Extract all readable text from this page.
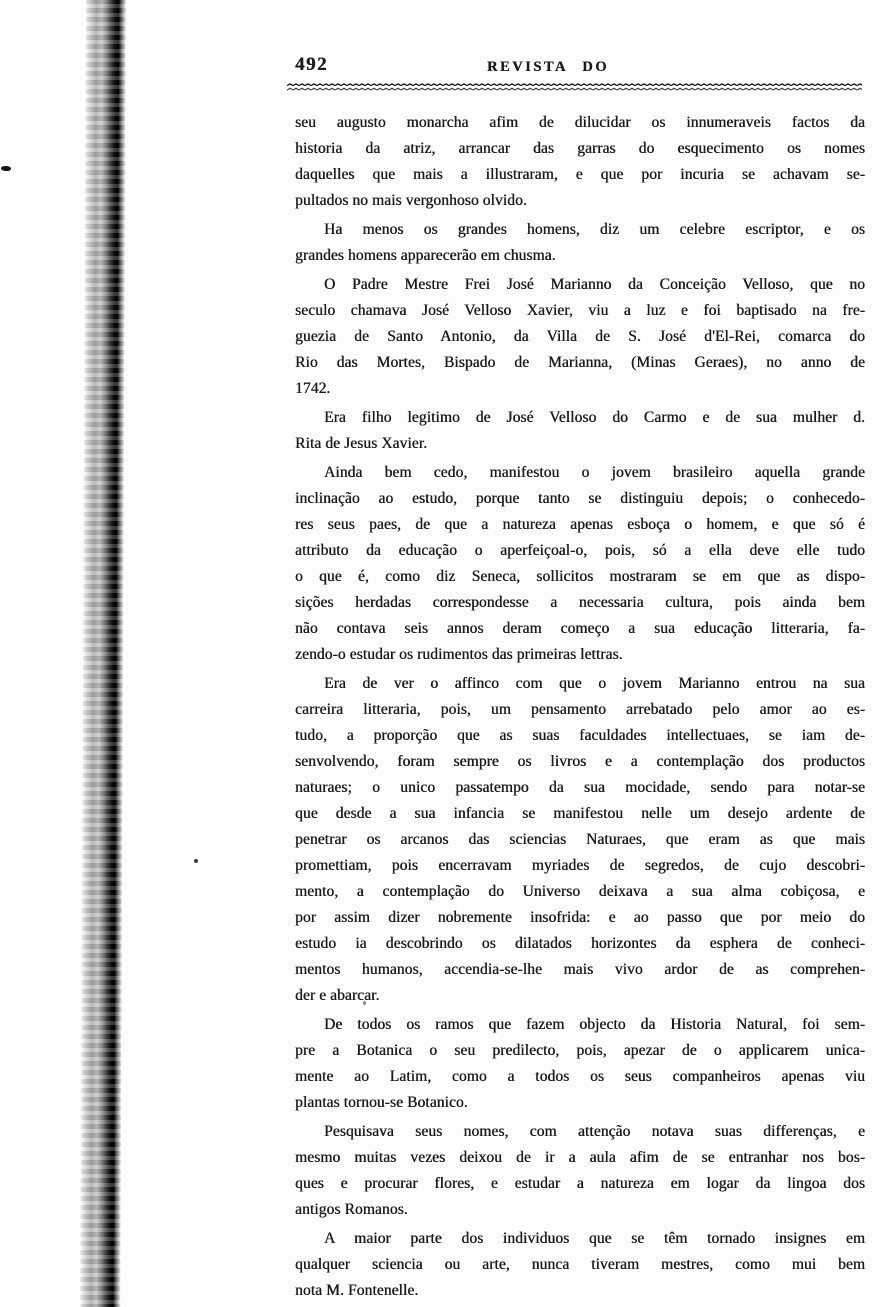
492	REVISTA DO
seu augusto monarcha afim de dilucidar os innumeraveis factos da
historia da atriz, arrancar das garras do esquecimento os nomes
daquelles que mais a illustraram, e que por incuria se achavam se-
pultados no mais vergonhoso olvido.
Ha menos os grandes homens, diz um celebre escriptor, e os
grandes homens apparecerão em chusma.
O Padre Mestre Frei José Marianno da Conceição Velloso, que no
seculo chamava José Velloso Xavier, viu a luz e foi baptisado na fre-
guezia de Santo Antonio, da Villa de S. José d'El-Rei, comarca do
Rio das Mortes, Bispado de Marianna, (Minas Geraes), no anno de
1742.
Era filho legitimo de José Velloso do Carmo e de sua mulher d.
Rita de Jesus Xavier.
Ainda bem cedo, manifestou o jovem brasileiro aquella grande
inclinação ao estudo, porque tanto se distinguiu depois; o conhecedo-
res seus paes, de que a natureza apenas esboça o homem, e que só é
attributo da educação o aperfeiçoal-o, pois, só a ella deve elle tudo
o que é, como diz Seneca, sollicitos mostraram se em que as dispo-
sições herdadas correspondesse a necessaria cultura, pois ainda bem
não contava seis annos deram começo a sua educação litteraria, fa-
zendo-o estudar os rudimentos das primeiras lettras.
Era de ver o affinco com que o jovem Marianno entrou na sua
carreira litteraria, pois, um pensamento arrebatado pelo amor ao es-
tudo, a proporção que as suas faculdades intellectuaes, se iam de-
senvolvendo, foram sempre os livros e a contemplação dos productos
naturaes; o unico passatempo da sua mocidade, sendo para notar-se
que desde a sua infancia se manifestou nelle um desejo ardente de
penetrar os arcanos das sciencias Naturaes, que eram as que mais
promettiam, pois encerravam myriades de segredos, de cujo descobri-
mento, a contemplação do Universo deixava a sua alma cobiçosa, e
por assim dizer nobremente insofrida: e ao passo que por meio do
estudo ia descobrindo os dilatados horizontes da esphera de conheci-
mentos humanos, accendia-se-lhe mais vivo ardor de as comprehen-
der e abarcar.
De todos os ramos que fazem objecto da Historia Natural, foi sem-
pre a Botanica o seu predilecto, pois, apezar de o applicarem unica-
mente ao Latim, como a todos os seus companheiros apenas viu
plantas tornou-se Botanico.
Pesquisava seus nomes, com attenção notava suas differenças, e
mesmo muitas vezes deixou de ir a aula afim de se entranhar nos bos-
ques e procurar flores, e estudar a natureza em logar da lingoa dos
antigos Romanos.
A maior parte dos individuos que se têm tornado insignes em
qualquer sciencia ou arte, nunca tiveram mestres, como mui bem
nota M. Fontenelle.
